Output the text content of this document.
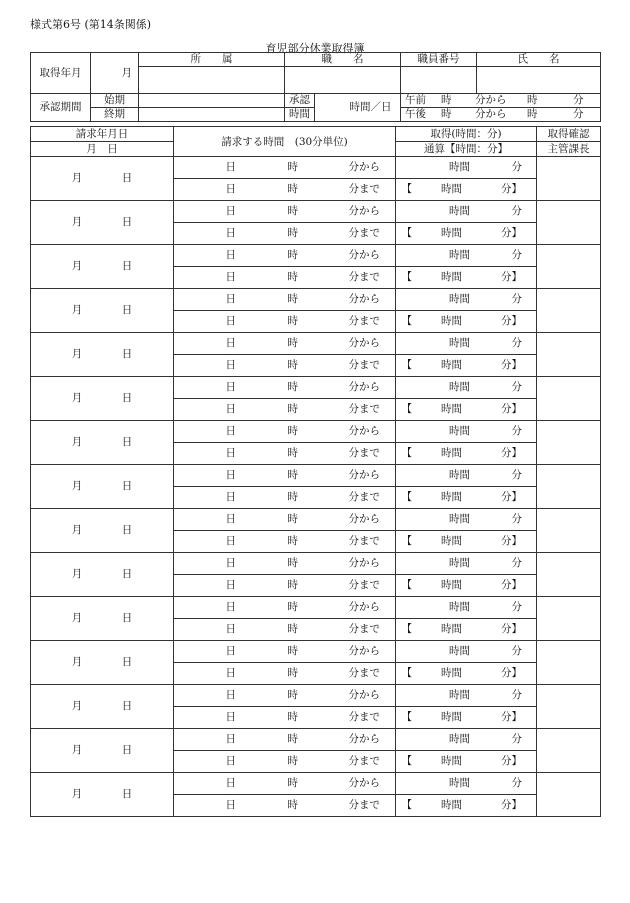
様式第6号 (第14条関係)
育児部分休業取得簿
取得年月	月	所　　属	職　　名		職員番号	氏　　名

承認期間	始期		承認	時間／日	午前 時 分から 時 分	
	終期		時間		午後 時 分から 時 分	
請求年月日	請求する時間　(30分単位)	取得(時間：分)	取得確認
月　日		通算【時間：分】	主管課長
月 日	日 時 分から	時間 分	
	日 時 分まで	【 時間 分】	
月 日	日 時 分から	時間 分	
	日 時 分まで	【 時間 分】	
月 日	日 時 分から	時間 分	
	日 時 分まで	【 時間 分】	
月 日	日 時 分から	時間 分	
	日 時 分まで	【 時間 分】	
月 日	日 時 分から	時間 分	
	日 時 分まで	【 時間 分】	
月 日	日 時 分から	時間 分	
	日 時 分まで	【 時間 分】	
月 日	日 時 分から	時間 分	
	日 時 分まで	【 時間 分】	
月 日	日 時 分から	時間 分	
	日 時 分まで	【 時間 分】	
月 日	日 時 分から	時間 分	
	日 時 分まで	【 時間 分】	
月 日	日 時 分から	時間 分	
	日 時 分まで	【 時間 分】	
月 日	日 時 分から	時間 分	
	日 時 分まで	【 時間 分】	
月 日	日 時 分から	時間 分	
	日 時 分まで	【 時間 分】	
月 日	日 時 分から	時間 分	
	日 時 分まで	【 時間 分】	
月 日	日 時 分から	時間 分	
	日 時 分まで	【 時間 分】	
月 日	日 時 分から	時間 分	
	日 時 分まで	【 時間 分】	
